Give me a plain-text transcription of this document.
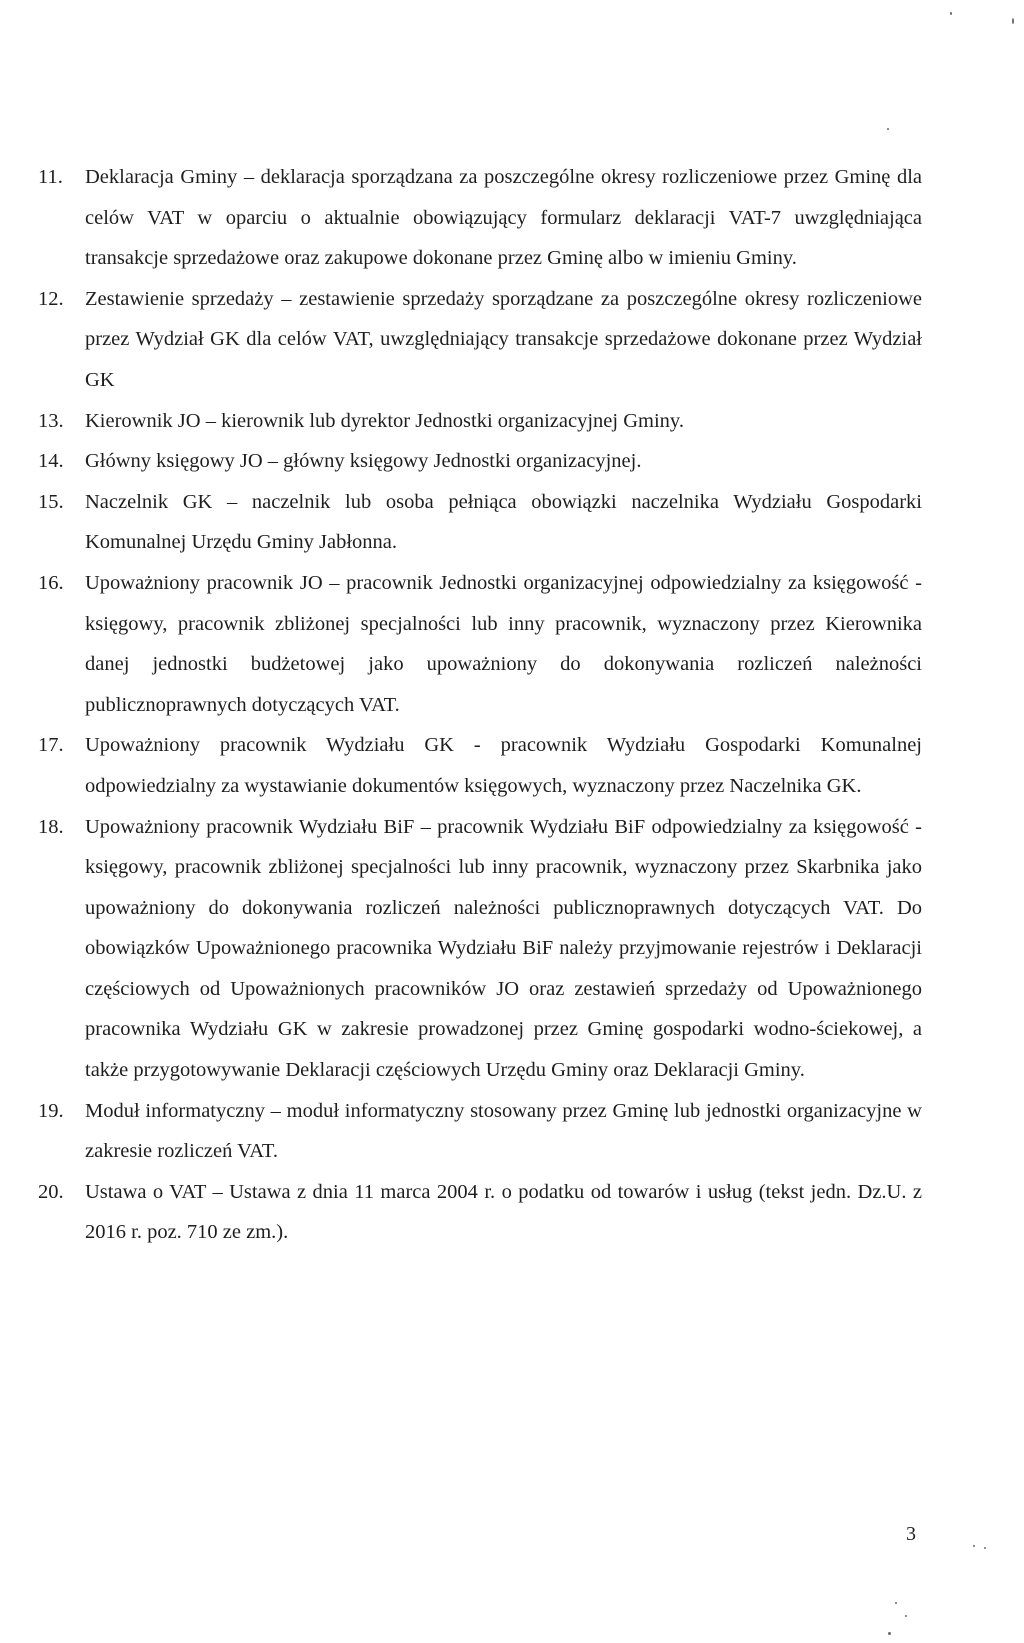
11.	Deklaracja Gminy – deklaracja sporządzana za poszczególne okresy rozliczeniowe przez Gminę dla celów VAT w oparciu o aktualnie obowiązujący formularz deklaracji VAT-7 uwzględniająca transakcje sprzedażowe oraz zakupowe dokonane przez Gminę albo w imieniu Gminy.
12.	Zestawienie sprzedaży – zestawienie sprzedaży sporządzane za poszczególne okresy rozliczeniowe przez Wydział GK dla celów VAT, uwzględniający transakcje sprzedażowe dokonane przez Wydział GK
13.	Kierownik JO – kierownik lub dyrektor Jednostki organizacyjnej Gminy.
14.	Główny księgowy JO – główny księgowy Jednostki organizacyjnej.
15.	Naczelnik GK – naczelnik lub osoba pełniąca obowiązki naczelnika Wydziału Gospodarki Komunalnej Urzędu Gminy Jabłonna.
16.	Upoważniony pracownik JO – pracownik Jednostki organizacyjnej odpowiedzialny za księgowość - księgowy, pracownik zbliżonej specjalności lub inny pracownik, wyznaczony przez Kierownika danej jednostki budżetowej jako upoważniony do dokonywania rozliczeń należności publicznoprawnych dotyczących VAT.
17.	Upoważniony pracownik Wydziału GK - pracownik Wydziału Gospodarki Komunalnej odpowiedzialny za wystawianie dokumentów księgowych, wyznaczony przez Naczelnika GK.
18.	Upoważniony pracownik Wydziału BiF – pracownik Wydziału BiF odpowiedzialny za księgowość - księgowy, pracownik zbliżonej specjalności lub inny pracownik, wyznaczony przez Skarbnika jako upoważniony do dokonywania rozliczeń należności publicznoprawnych dotyczących VAT. Do obowiązków Upoważnionego pracownika Wydziału BiF należy przyjmowanie rejestrów i Deklaracji częściowych od Upoważnionych pracowników JO oraz zestawień sprzedaży od Upoważnionego pracownika Wydziału GK w zakresie prowadzonej przez Gminę gospodarki wodno-ściekowej, a także przygotowywanie Deklaracji częściowych Urzędu Gminy oraz Deklaracji Gminy.
19.	Moduł informatyczny – moduł informatyczny stosowany przez Gminę lub jednostki organizacyjne w zakresie rozliczeń VAT.
20.	Ustawa o VAT – Ustawa z dnia 11 marca 2004 r. o podatku od towarów i usług (tekst jedn. Dz.U. z 2016 r. poz. 710 ze zm.).
3
